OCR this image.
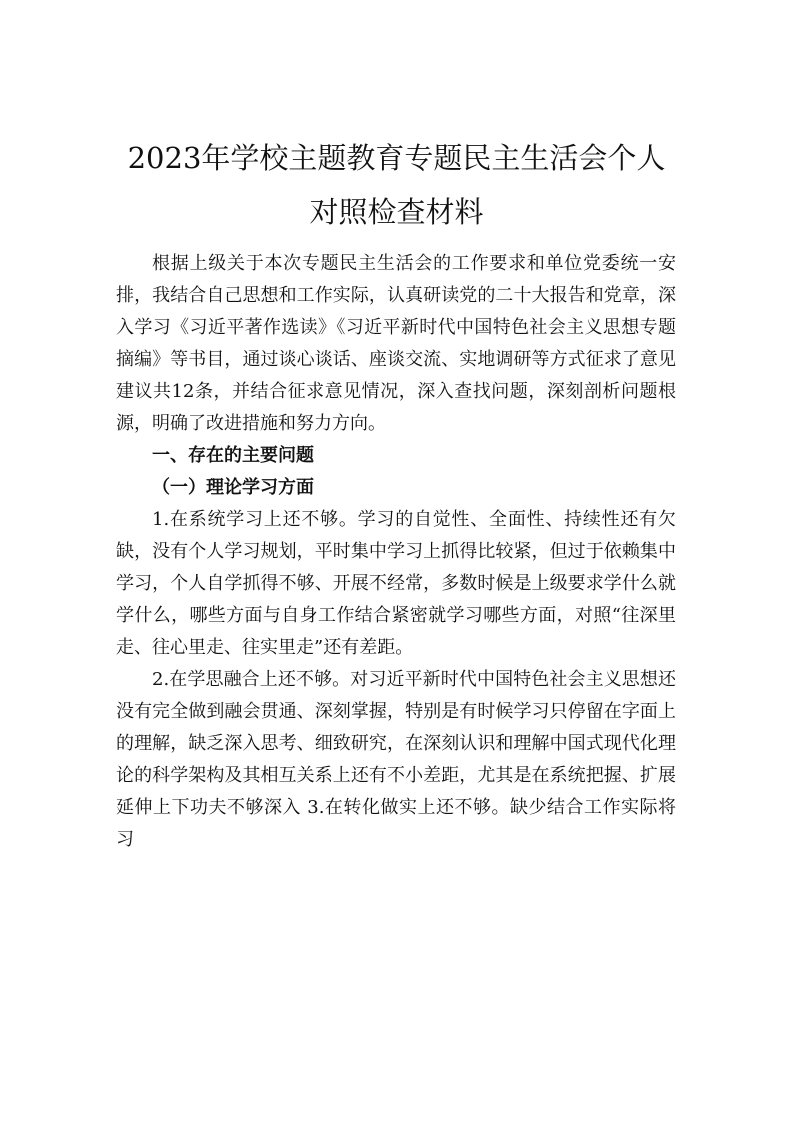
2023年学校主题教育专题民主生活会个人
对照检查材料

根据上级关于本次专题民主生活会的工作要求和单位党委统一安排，我结合自己思想和工作实际，认真研读党的二十大报告和党章，深入学习《习近平著作选读》《习近平新时代中国特色社会主义思想专题摘编》等书目，通过谈心谈话、座谈交流、实地调研等方式征求了意见建议共12条，并结合征求意见情况，深入查找问题，深刻剖析问题根源，明确了改进措施和努力方向。

一、存在的主要问题

（一）理论学习方面

1.在系统学习上还不够。学习的自觉性、全面性、持续性还有欠缺，没有个人学习规划，平时集中学习上抓得比较紧，但过于依赖集中学习，个人自学抓得不够、开展不经常，多数时候是上级要求学什么就学什么，哪些方面与自身工作结合紧密就学习哪些方面，对照“往深里走、往心里走、往实里走”还有差距。

2.在学思融合上还不够。对习近平新时代中国特色社会主义思想还没有完全做到融会贯通、深刻掌握，特别是有时候学习只停留在字面上的理解，缺乏深入思考、细致研究，在深刻认识和理解中国式现代化理论的科学架构及其相互关系上还有不小差距，尤其是在系统把握、扩展延伸上下功夫不够深入 3.在转化做实上还不够。缺少结合工作实际将习
